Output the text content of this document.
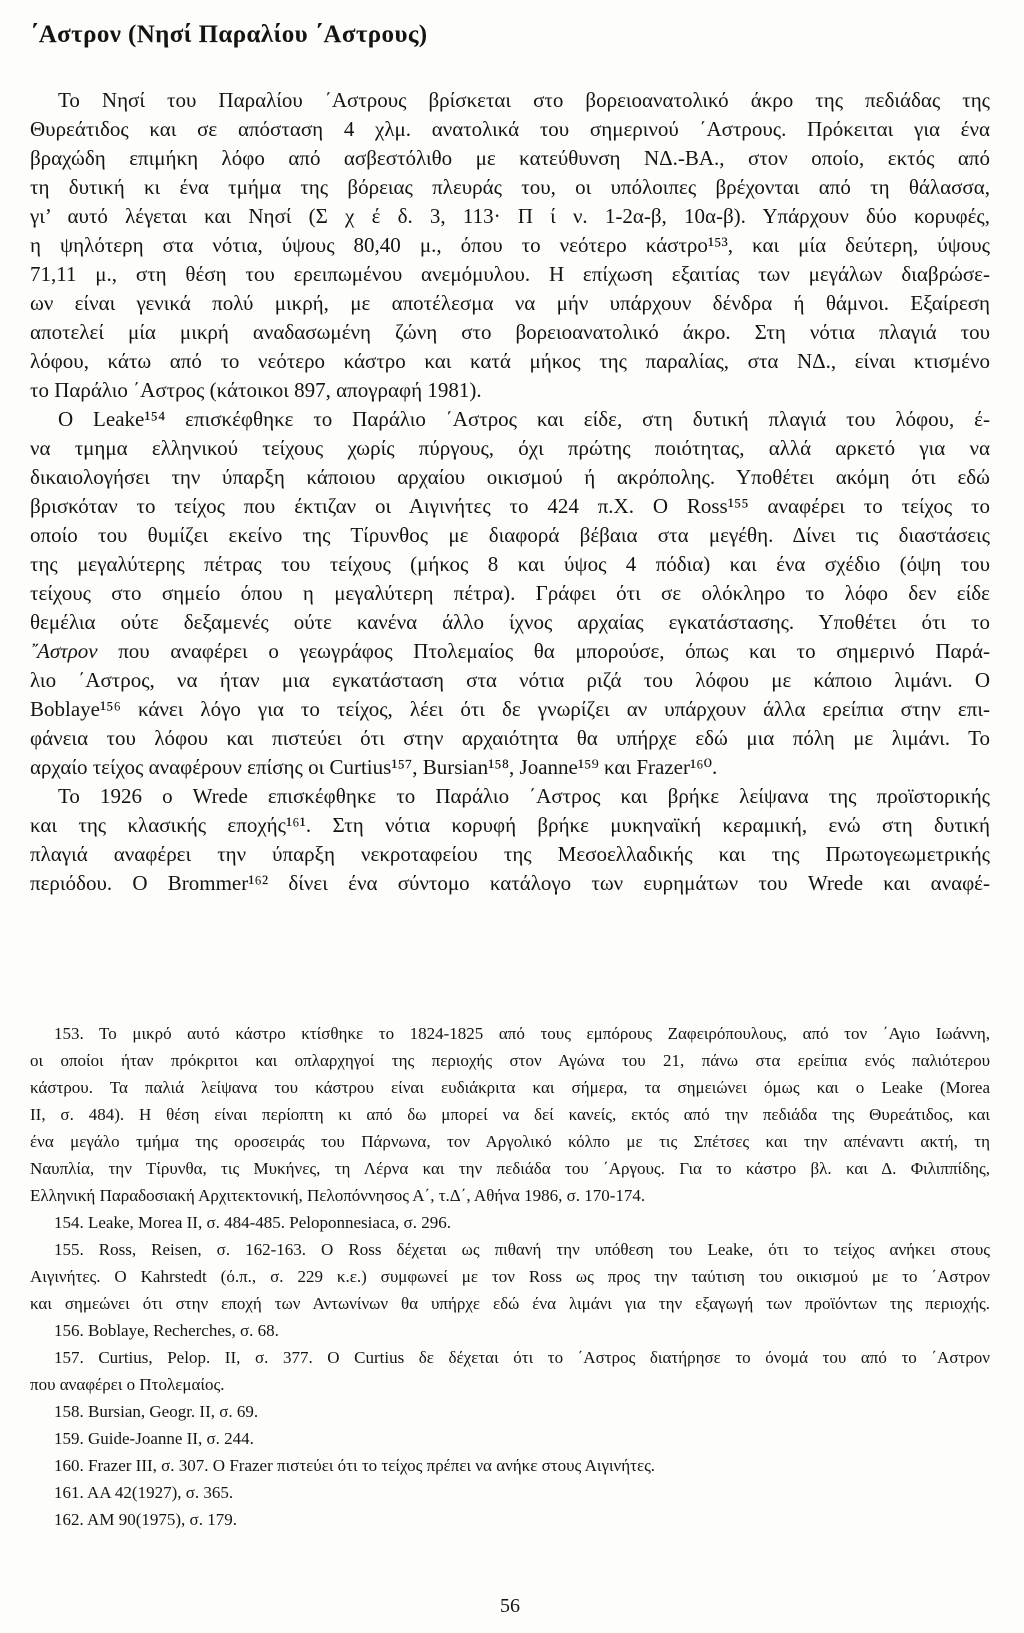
΄Αστρον (Νησί Παραλίου ΄Αστρους)
Το Νησί του Παραλίου ΄Αστρους βρίσκεται στο βορειοανατολικό άκρο της πεδιάδας της
Θυρεάτιδος και σε απόσταση 4 χλμ. ανατολικά του σημερινού ΄Αστρους. Πρόκειται για ένα
βραχώδη επιμήκη λόφο από ασβεστόλιθο με κατεύθυνση ΝΔ.-ΒΑ., στον οποίο, εκτός από
τη δυτική κι ένα τμήμα της βόρειας πλευράς του, οι υπόλοιπες βρέχονται από τη θάλασσα,
γι’ αυτό λέγεται και Νησί (Σ χ έ δ. 3, 113· Π ί ν. 1-2α-β, 10α-β). Υπάρχουν δύο κορυφές,
η ψηλότερη στα νότια, ύψους 80,40 μ., όπου το νεότερο κάστρο¹⁵³, και μία δεύτερη, ύψους
71,11 μ., στη θέση του ερειπωμένου ανεμόμυλου. Η επίχωση εξαιτίας των μεγάλων διαβρώσε-
ων είναι γενικά πολύ μικρή, με αποτέλεσμα να μήν υπάρχουν δένδρα ή θάμνοι. Εξαίρεση
αποτελεί μία μικρή αναδασωμένη ζώνη στο βορειοανατολικό άκρο. Στη νότια πλαγιά του
λόφου, κάτω από το νεότερο κάστρο και κατά μήκος της παραλίας, στα ΝΔ., είναι κτισμένο
το Παράλιο ΄Αστρος (κάτοικοι 897, απογραφή 1981).
Ο Leake¹⁵⁴ επισκέφθηκε το Παράλιο ΄Αστρος και είδε, στη δυτική πλαγιά του λόφου, έ-
να τμημα ελληνικού τείχους χωρίς πύργους, όχι πρώτης ποιότητας, αλλά αρκετό για να
δικαιολογήσει την ύπαρξη κάποιου αρχαίου οικισμού ή ακρόπολης. Υποθέτει ακόμη ότι εδώ
βρισκόταν το τείχος που έκτιζαν οι Αιγινήτες το 424 π.Χ. Ο Ross¹⁵⁵ αναφέρει το τείχος το
οποίο του θυμίζει εκείνο της Τίρυνθος με διαφορά βέβαια στα μεγέθη. Δίνει τις διαστάσεις
της μεγαλύτερης πέτρας του τείχους (μήκος 8 και ύψος 4 πόδια) και ένα σχέδιο (όψη του
τείχους στο σημείο όπου η μεγαλύτερη πέτρα). Γράφει ότι σε ολόκληρο το λόφο δεν είδε
θεμέλια ούτε δεξαμενές ούτε κανένα άλλο ίχνος αρχαίας εγκατάστασης. Υποθέτει ότι το
῎Αστρον που αναφέρει ο γεωγράφος Πτολεμαίος θα μπορούσε, όπως και το σημερινό Παρά-
λιο ΄Αστρος, να ήταν μια εγκατάσταση στα νότια ριζά του λόφου με κάποιο λιμάνι. Ο
Boblaye¹⁵⁶ κάνει λόγο για το τείχος, λέει ότι δε γνωρίζει αν υπάρχουν άλλα ερείπια στην επι-
φάνεια του λόφου και πιστεύει ότι στην αρχαιότητα θα υπήρχε εδώ μια πόλη με λιμάνι. Το
αρχαίο τείχος αναφέρουν επίσης οι Curtius¹⁵⁷, Bursian¹⁵⁸, Joanne¹⁵⁹ και Frazer¹⁶⁰.
Το 1926 ο Wrede επισκέφθηκε το Παράλιο ΄Αστρος και βρήκε λείψανα της προϊστορικής
και της κλασικής εποχής¹⁶¹. Στη νότια κορυφή βρήκε μυκηναϊκή κεραμική, ενώ στη δυτική
πλαγιά αναφέρει την ύπαρξη νεκροταφείου της Μεσοελλαδικής και της Πρωτογεωμετρικής
περιόδου. Ο Brommer¹⁶² δίνει ένα σύντομο κατάλογο των ευρημάτων του Wrede και αναφέ-
153. Το μικρό αυτό κάστρο κτίσθηκε το 1824-1825 από τους εμπόρους Ζαφειρόπουλους, από τον ΄Αγιο Ιωάννη,
οι οποίοι ήταν πρόκριτοι και οπλαρχηγοί της περιοχής στον Αγώνα του 21, πάνω στα ερείπια ενός παλιότερου
κάστρου. Τα παλιά λείψανα του κάστρου είναι ευδιάκριτα και σήμερα, τα σημειώνει όμως και ο Leake (Morea
II, σ. 484). Η θέση είναι περίοπτη κι από δω μπορεί να δεί κανείς, εκτός από την πεδιάδα της Θυρεάτιδος, και
ένα μεγάλο τμήμα της οροσειράς του Πάρνωνα, τον Αργολικό κόλπο με τις Σπέτσες και την απέναντι ακτή, τη
Ναυπλία, την Τίρυνθα, τις Μυκήνες, τη Λέρνα και την πεδιάδα του ΄Αργους. Για το κάστρο βλ. και Δ. Φιλιππίδης,
Ελληνική Παραδοσιακή Αρχιτεκτονική, Πελοπόννησος Α΄, τ.Δ΄, Αθήνα 1986, σ. 170-174.
154. Leake, Morea II, σ. 484-485. Peloponnesiaca, σ. 296.
155. Ross, Reisen, σ. 162-163. Ο Ross δέχεται ως πιθανή την υπόθεση του Leake, ότι το τείχος ανήκει στους
Αιγινήτες. Ο Kahrstedt (ό.π., σ. 229 κ.ε.) συμφωνεί με τον Ross ως προς την ταύτιση του οικισμού με το ΄Αστρον
και σημεώνει ότι στην εποχή των Αντωνίνων θα υπήρχε εδώ ένα λιμάνι για την εξαγωγή των προϊόντων της περιοχής.
156. Boblaye, Recherches, σ. 68.
157. Curtius, Pelop. II, σ. 377. Ο Curtius δε δέχεται ότι το ΄Αστρος διατήρησε το όνομά του από το ΄Αστρον
που αναφέρει ο Πτολεμαίος.
158. Bursian, Geogr. II, σ. 69.
159. Guide-Joanne II, σ. 244.
160. Frazer III, σ. 307. Ο Frazer πιστεύει ότι το τείχος πρέπει να ανήκε στους Αιγινήτες.
161. AA 42(1927), σ. 365.
162. AM 90(1975), σ. 179.
56
